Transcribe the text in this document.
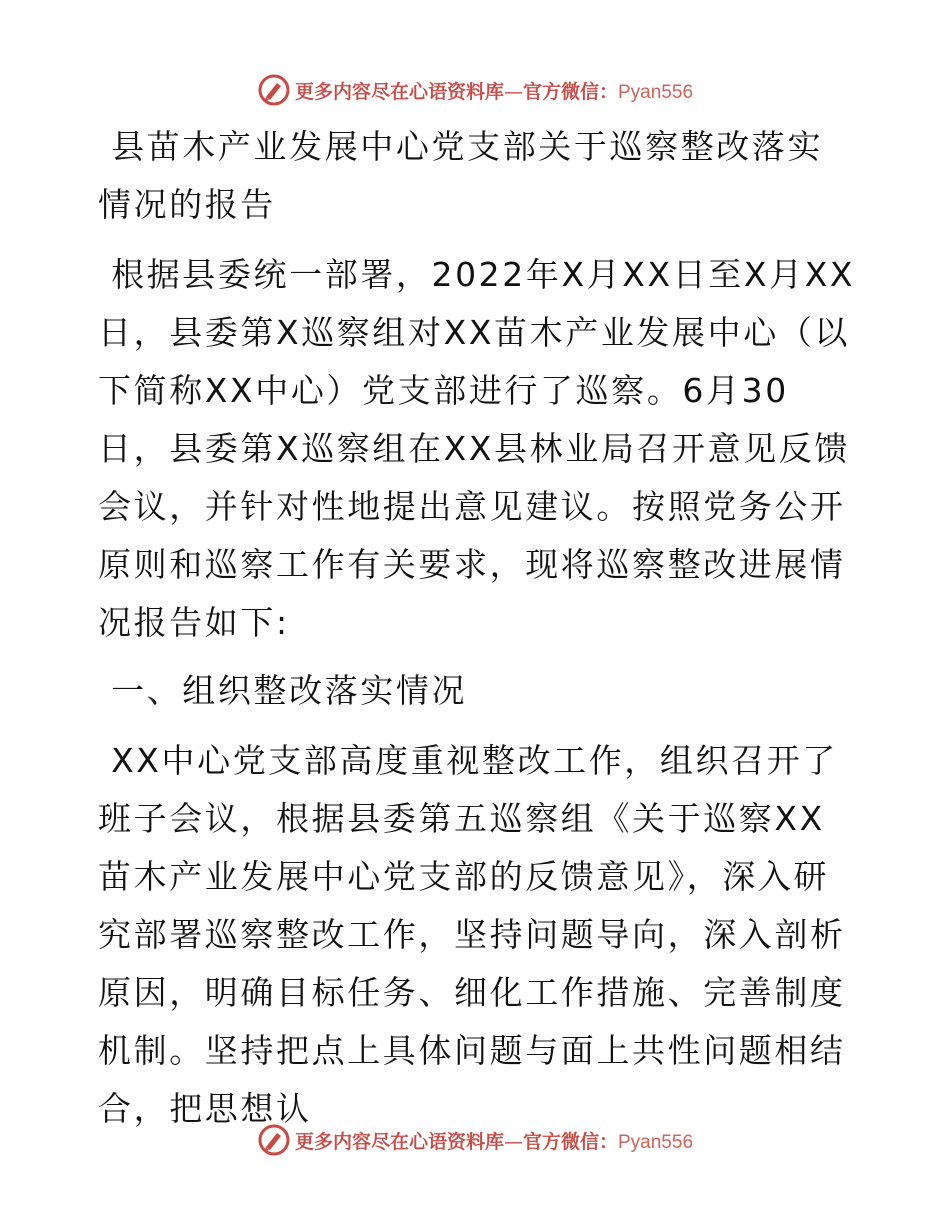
更多内容尽在心语资料库—官方微信：Pyan556

县苗木产业发展中心党支部关于巡察整改落实情况的报告

根据县委统一部署，2022年X月XX日至X月XX日，县委第X巡察组对XX苗木产业发展中心（以下简称XX中心）党支部进行了巡察。6月30日，县委第X巡察组在XX县林业局召开意见反馈会议，并针对性地提出意见建议。按照党务公开原则和巡察工作有关要求，现将巡察整改进展情况报告如下:

一、组织整改落实情况

XX中心党支部高度重视整改工作，组织召开了班子会议，根据县委第五巡察组《关于巡察XX苗木产业发展中心党支部的反馈意见》，深入研究部署巡察整改工作，坚持问题导向，深入剖析原因，明确目标任务、细化工作措施、完善制度机制。坚持把点上具体问题与面上共性问题相结合，把思想认

更多内容尽在心语资料库—官方微信：Pyan556
